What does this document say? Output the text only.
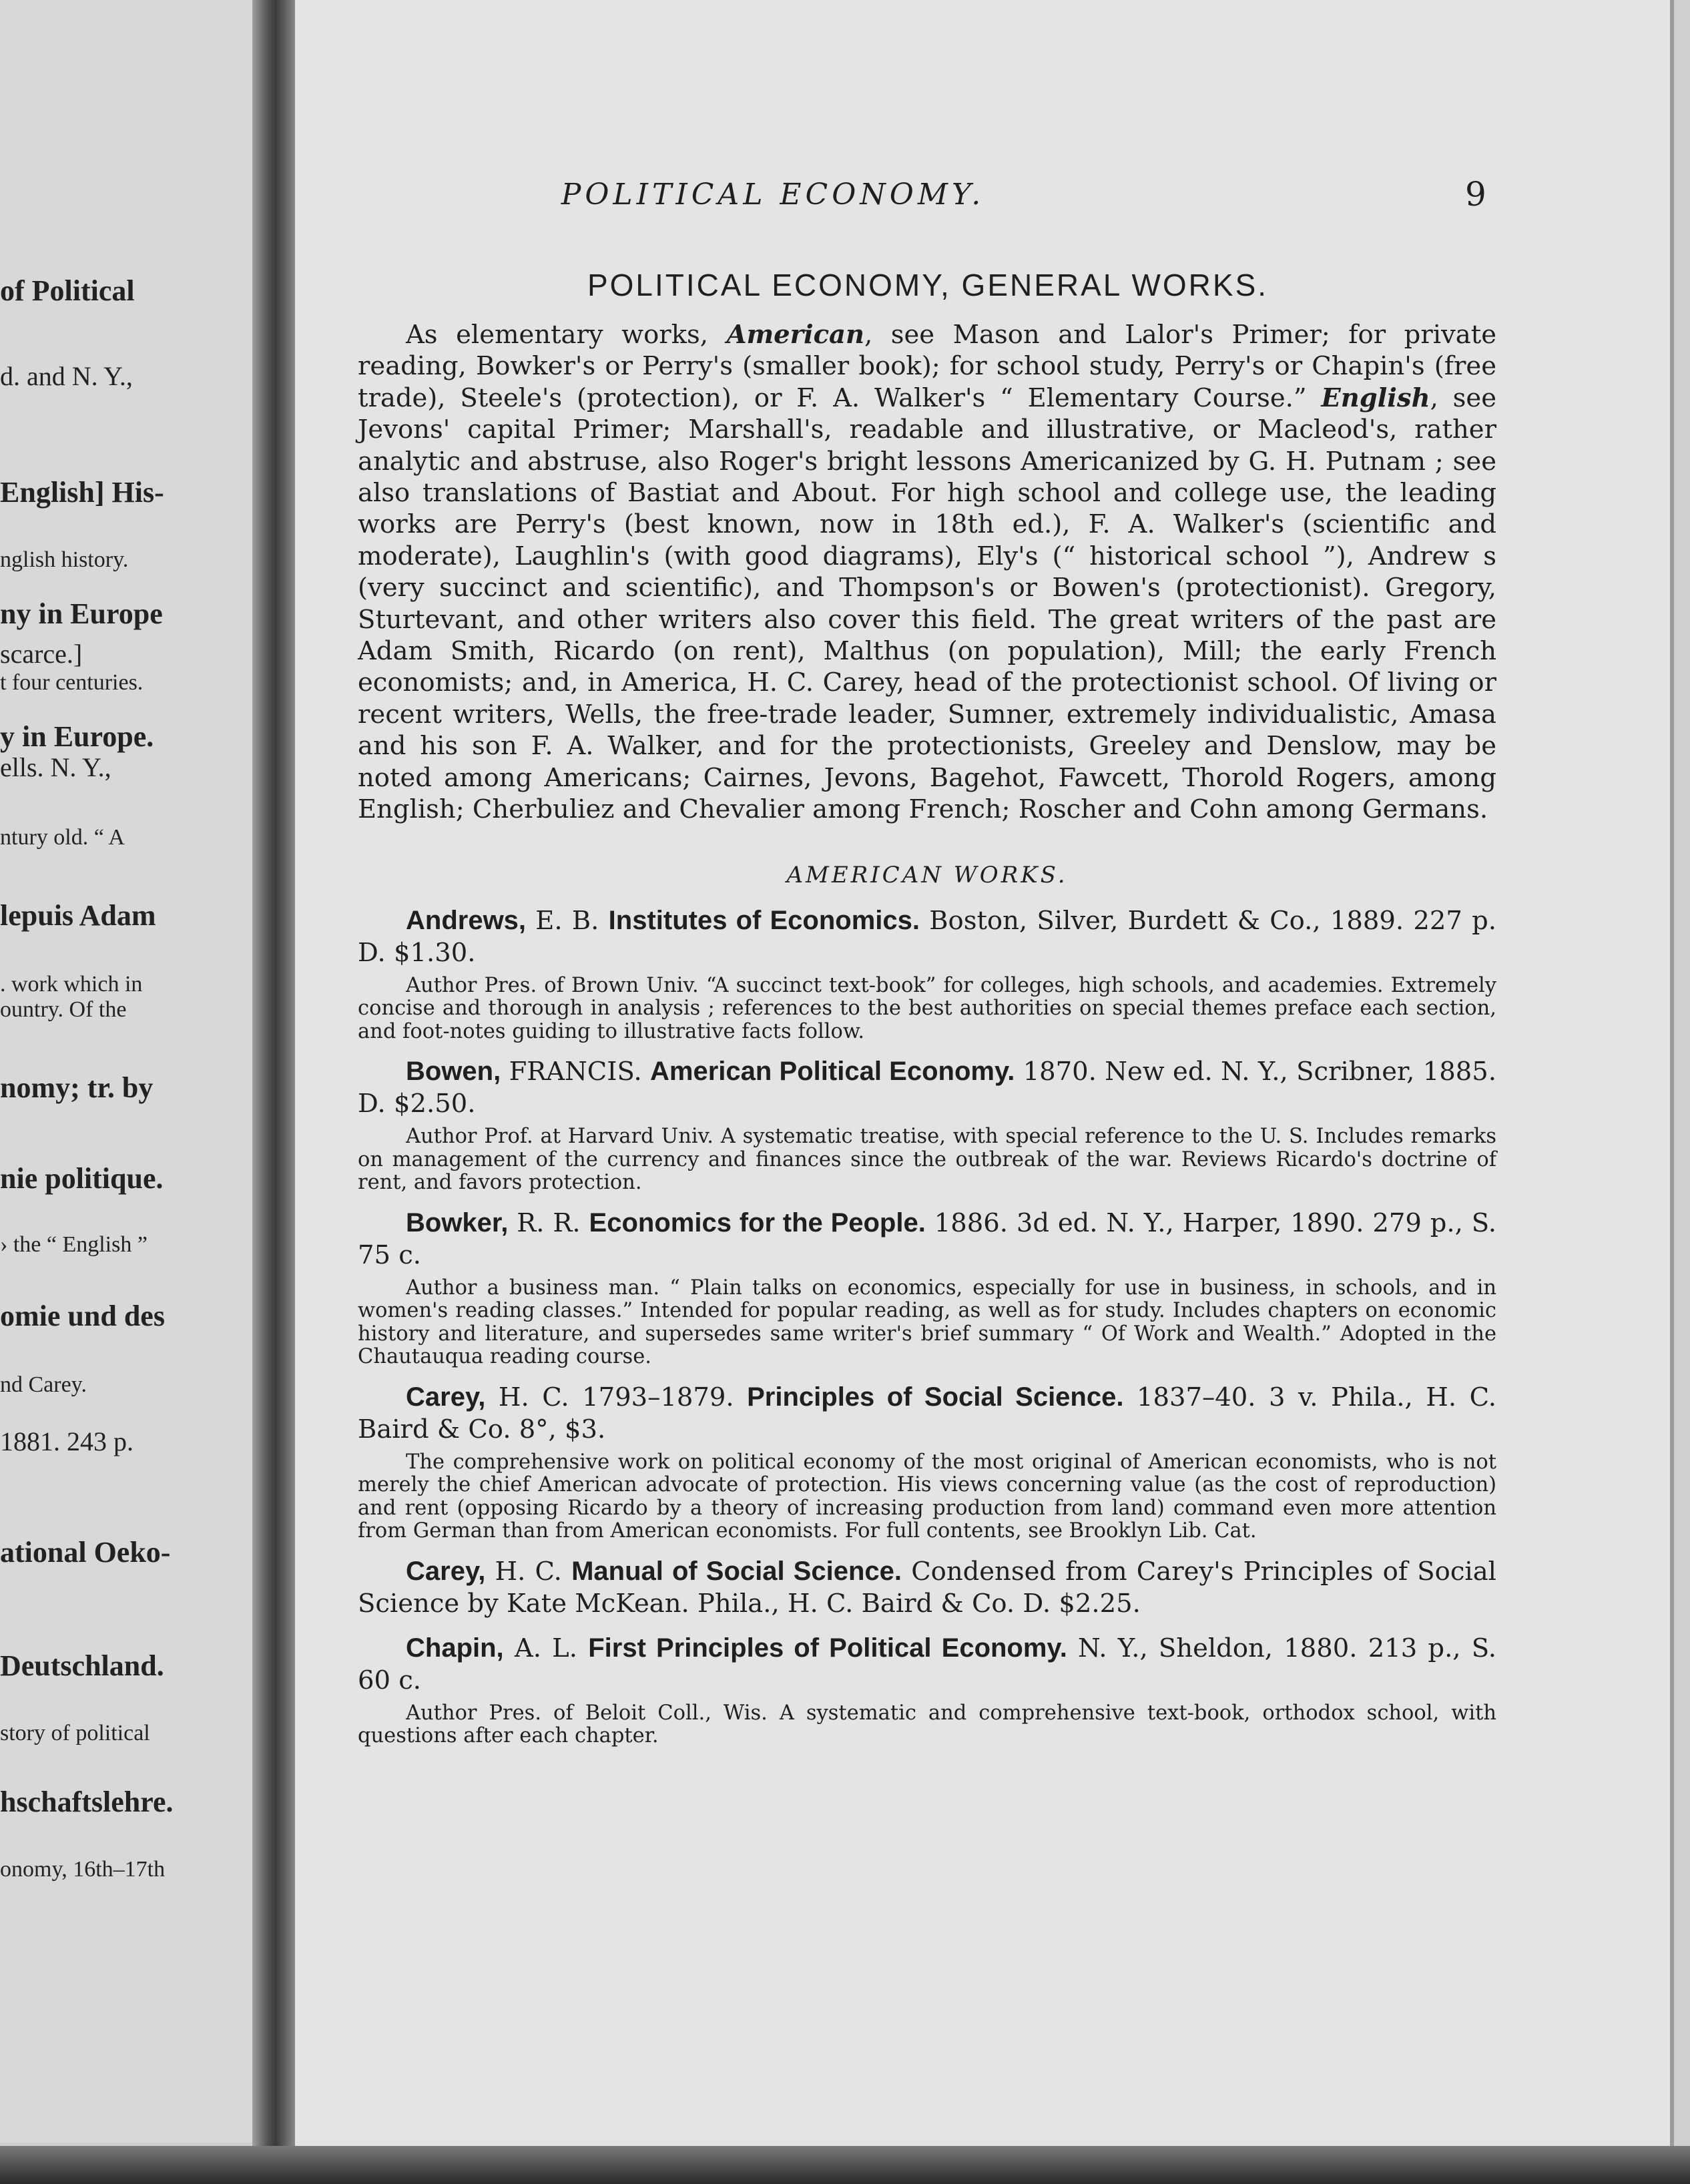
of Political
d. and N. Y.,
English] His-
nglish history.
ny in Europe
scarce.]
t four centuries.
y in Europe.
ells. N. Y.,
ntury old. “ A
lepuis Adam
. work which in
ountry. Of the
nomy; tr. by
nie politique.
› the “ English ”
omie und des
nd Carey.
1881. 243 p.
ational Oeko-
Deutschland.
story of political
hschaftslehre.
onomy, 16th–17th
POLITICAL ECONOMY.	9
POLITICAL ECONOMY, GENERAL WORKS.

As elementary works, American, see Mason and Lalor's Primer; for private reading, Bowker's or Perry's (smaller book); for school study, Perry's or Chapin's (free trade), Steele's (protection), or F. A. Walker's “ Elementary Course.” English, see Jevons' capital Primer; Marshall's, readable and illustrative, or Macleod's, rather analytic and abstruse, also Roger's bright lessons Americanized by G. H. Putnam ; see also translations of Bastiat and About. For high school and college use, the leading works are Perry's (best known, now in 18th ed.), F. A. Walker's (scientific and moderate), Laughlin's (with good diagrams), Ely's (“ historical school ”), Andrew s (very succinct and scientific), and Thompson's or Bowen's (protectionist). Gregory, Sturtevant, and other writers also cover this field. The great writers of the past are Adam Smith, Ricardo (on rent), Malthus (on population), Mill; the early French economists; and, in America, H. C. Carey, head of the protectionist school. Of living or recent writers, Wells, the free-trade leader, Sumner, extremely individualistic, Amasa and his son F. A. Walker, and for the protectionists, Greeley and Denslow, may be noted among Americans; Cairnes, Jevons, Bagehot, Fawcett, Thorold Rogers, among English; Cherbuliez and Chevalier among French; Roscher and Cohn among Germans.

AMERICAN WORKS.

Andrews, E. B. Institutes of Economics. Boston, Silver, Burdett & Co., 1889. 227 p. D. $1.30.

Author Pres. of Brown Univ. “A succinct text-book” for colleges, high schools, and academies. Extremely concise and thorough in analysis ; references to the best authorities on special themes preface each section, and foot-notes guiding to illustrative facts follow.

Bowen, FRANCIS. American Political Economy. 1870. New ed. N. Y., Scribner, 1885. D. $2.50.

Author Prof. at Harvard Univ. A systematic treatise, with special reference to the U. S. Includes remarks on management of the currency and finances since the outbreak of the war. Reviews Ricardo's doctrine of rent, and favors protection.

Bowker, R. R. Economics for the People. 1886. 3d ed. N. Y., Harper, 1890. 279 p., S. 75 c.

Author a business man. “ Plain talks on economics, especially for use in business, in schools, and in women's reading classes.” Intended for popular reading, as well as for study. Includes chapters on economic history and literature, and supersedes same writer's brief summary “ Of Work and Wealth.” Adopted in the Chautauqua reading course.

Carey, H. C. 1793–1879. Principles of Social Science. 1837–40. 3 v. Phila., H. C. Baird & Co. 8°, $3.

The comprehensive work on political economy of the most original of American economists, who is not merely the chief American advocate of protection. His views concerning value (as the cost of reproduction) and rent (opposing Ricardo by a theory of increasing production from land) command even more attention from German than from American economists. For full contents, see Brooklyn Lib. Cat.

Carey, H. C. Manual of Social Science. Condensed from Carey's Principles of Social Science by Kate McKean. Phila., H. C. Baird & Co. D. $2.25.

Chapin, A. L. First Principles of Political Economy. N. Y., Sheldon, 1880. 213 p., S. 60 c.

Author Pres. of Beloit Coll., Wis. A systematic and comprehensive text-book, orthodox school, with questions after each chapter.
